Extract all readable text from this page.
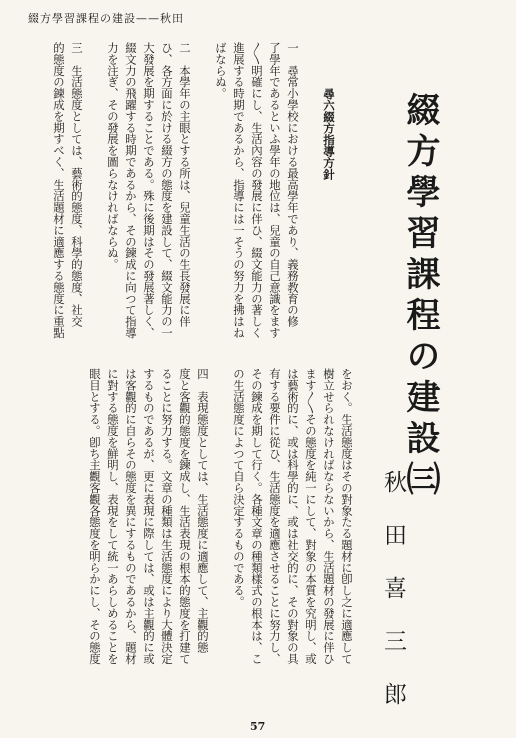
綴方學習課程の建設——秋田
綴方學習課程の建設㈢
秋田喜三郎
一　尋常小學校における最高學年であり、義務教育の修
了學年であるといふ學年の地位は、兒童の自己意識をます
〳〵明確にし、生活內容の發展に伴ひ、綴文能力の著しく
進展する時期であるから、指導には一そうの努力を拂はね
ばならぬ。
尋六綴方指導方針
二　本學年の主眼とする所は、兒童生活の生長發展に伴
ひ、各方面に於ける綴方の態度を建設して、綴文能力の一
大發展を期することである。殊に後期はその發展著しく、
綴文力の飛躍する時期であるから、その鍊成に向つて指導
力を注ぎ、その發展を圖らなければならぬ。
三　生活態度としては、藝術的態度、科學的態度、社交
的態度の鍊成を期すべく、生活題材に適應する態度に重點
をおく。生活態度はその對象たる題材に卽し之に適應して
樹立せられなければならないから、生活題材の發展に伴ひ
ます〳〵その態度を純一にして、對象の本質を究明し、或
は藝術的に、或は科學的に、或は社交的に、その對象の具
有する要件に從ひ、生活態度を適應させることに努力し、
その鍊成を期して行く。各種文章の種類樣式の根本は、こ
の生活態度によつて自ら決定するものである。
四　表現態度としては、生活態度に適應して、主觀的態
度と客觀的態度を鍊成し、生活表現の根本的態度を打建て
ることに努力する。文章の種類は生活態度により大體決定
するものであるが、更に表現に際しては、或は主觀的に或
は客觀的に自らその態度を異にするものであるから、題材
に對する態度を鮮明し、表現をして統一あらしめることを
眼目とする。卽ち主觀客觀各態度を明らかにし、その態度
57
